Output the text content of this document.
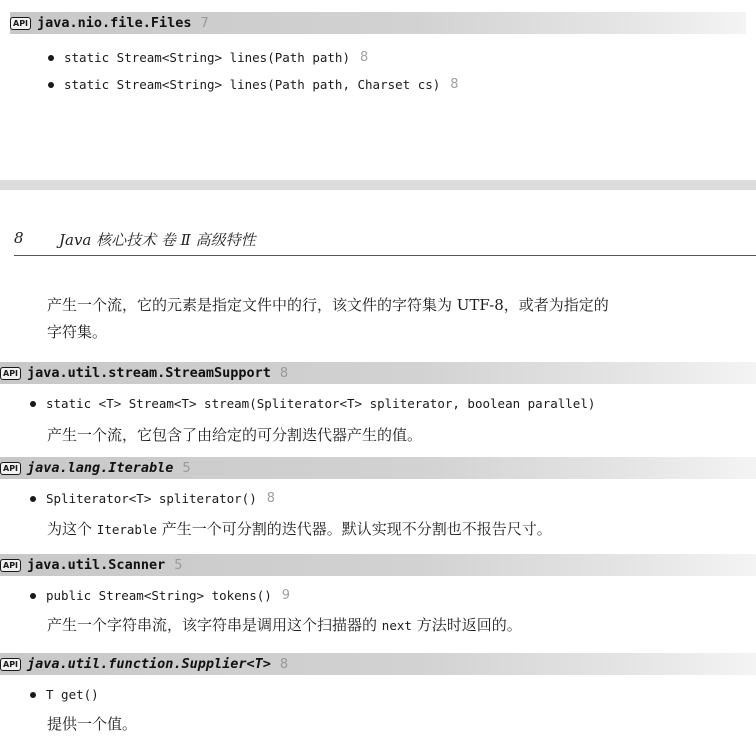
API java.nio.file.Files 7
static Stream<String> lines(Path path) 8
static Stream<String> lines(Path path, Charset cs) 8
8 Java 核心技术 卷 Ⅱ 高级特性
产生一个流，它的元素是指定文件中的行，该文件的字符集为 UTF-8，或者为指定的
字符集。
API java.util.stream.StreamSupport 8
static <T> Stream<T> stream(Spliterator<T> spliterator, boolean parallel)
产生一个流，它包含了由给定的可分割迭代器产生的值。
API java.lang.Iterable 5
Spliterator<T> spliterator() 8
为这个 Iterable 产生一个可分割的迭代器。默认实现不分割也不报告尺寸。
API java.util.Scanner 5
public Stream<String> tokens() 9
产生一个字符串流，该字符串是调用这个扫描器的 next 方法时返回的。
API java.util.function.Supplier<T> 8
T get()
提供一个值。
